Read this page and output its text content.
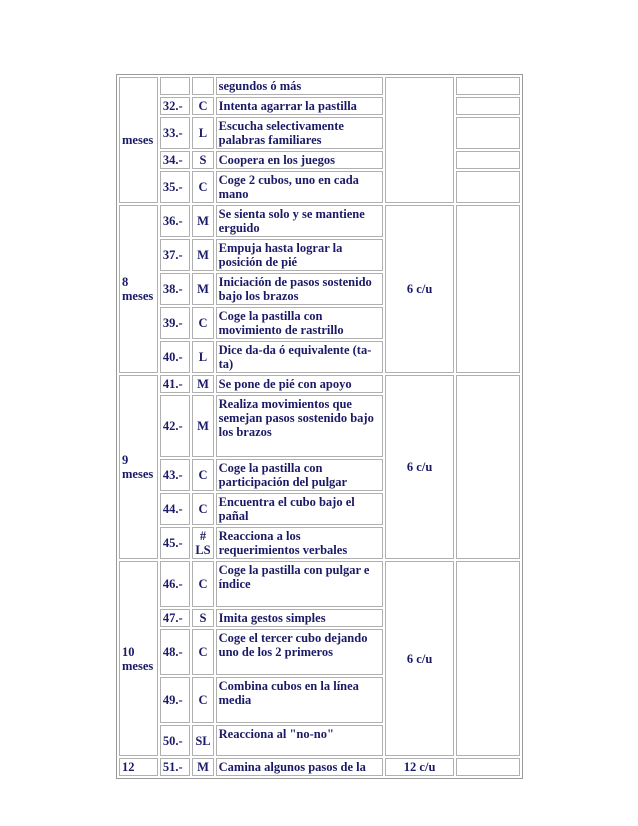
meses			segundos ó más		
	32.-	C	Intenta agarrar la pastilla		
	33.-	L	Escucha selectivamente palabras familiares		
	34.-	S	Coopera en los juegos		
	35.-	C	Coge 2 cubos, uno en cada mano		
8 meses	36.-	M	Se sienta solo y se mantiene erguido	6 c/u	
	37.-	M	Empuja hasta lograr la posición de pié		
	38.-	M	Iniciación de pasos sostenido bajo los brazos		
	39.-	C	Coge la pastilla con movimiento de rastrillo		
	40.-	L	Dice da-da ó equivalente (ta-ta)		
9 meses	41.-	M	Se pone de pié con apoyo	6 c/u	
	42.-	M	Realiza movimientos que semejan pasos sostenido bajo los brazos		
	43.-	C	Coge la pastilla con participación del pulgar		
	44.-	C	Encuentra el cubo bajo el pañal		
	45.-	# LS	Reacciona a los requerimientos verbales		
10 meses	46.-	C	Coge la pastilla con pulgar e índice	6 c/u	
	47.-	S	Imita gestos simples		
	48.-	C	Coge el tercer cubo dejando uno de los 2 primeros		
	49.-	C	Combina cubos en la línea media		
	50.-	SL	Reacciona al "no-no"		
12	51.-	M	Camina algunos pasos de la	12 c/u	
